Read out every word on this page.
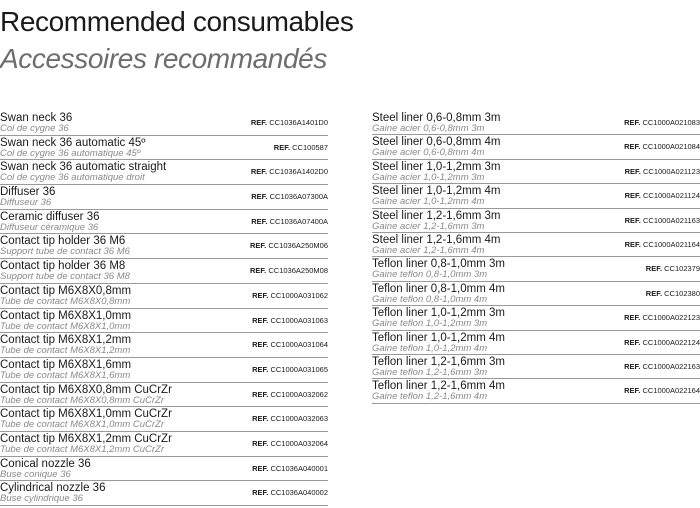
Recommended consumables
Accessoires recommandés
Swan neck 36
Col de cygne 36
REF. CC1036A1401D0
Swan neck 36 automatic 45º
Col de cygne 36 automatique 45º
REF. CC100587
Swan neck 36 automatic straight
Col de cygne 36 automatique droit
REF. CC1036A1402D0
Diffuser 36
Diffuseur 36
REF. CC1036A07300A
Ceramic diffuser 36
Diffuseur céramique 36
REF. CC1036A07400A
Contact tip holder 36 M6
Support tube de contact 36 M6
REF. CC1036A250M06
Contact tip holder 36 M8
Support tube de contact 36 M8
REF. CC1036A250M08
Contact tip M6X8X0,8mm
Tube de contact M6X8X0,8mm
REF. CC1000A031062
Contact tip M6X8X1,0mm
Tube de contact M6X8X1,0mm
REF. CC1000A031063
Contact tip M6X8X1,2mm
Tube de contact M6X8X1,2mm
REF. CC1000A031064
Contact tip M6X8X1,6mm
Tube de contact M6X8X1,6mm
REF. CC1000A031065
Contact tip M6X8X0,8mm CuCrZr
Tube de contact M6X8X0,8mm CuCrZr
REF. CC1000A032062
Contact tip M6X8X1,0mm CuCrZr
Tube de contact M6X8X1,0mm CuCrZr
REF. CC1000A032063
Contact tip M6X8X1,2mm CuCrZr
Tube de contact M6X8X1,2mm CuCrZr
REF. CC1000A032064
Conical nozzle 36
Buse conique 36
REF. CC1036A040001
Cylindrical nozzle 36
Buse cylindrique 36
REF. CC1036A040002
Steel liner 0,6-0,8mm 3m
Gaine acier 0,6-0,8mm 3m
REF. CC1000A021083
Steel liner 0,6-0,8mm 4m
Gaine acier 0,6-0,8mm 4m
REF. CC1000A021084
Steel liner 1,0-1,2mm 3m
Gaine acier 1,0-1,2mm 3m
REF. CC1000A021123
Steel liner 1,0-1,2mm 4m
Gaine acier 1,0-1,2mm 4m
REF. CC1000A021124
Steel liner 1,2-1,6mm 3m
Gaine acier 1,2-1,6mm 3m
REF. CC1000A021163
Steel liner 1,2-1,6mm 4m
Gaine acier 1,2-1,6mm 4m
REF. CC1000A021164
Teflon liner 0,8-1,0mm 3m
Gaine teflon 0,8-1,0mm 3m
REF. CC102379
Teflon liner 0,8-1,0mm 4m
Gaine teflon 0,8-1,0mm 4m
REF. CC102380
Teflon liner 1,0-1,2mm 3m
Gaine teflon 1,0-1,2mm 3m
REF. CC1000A022123
Teflon liner 1,0-1,2mm 4m
Gaine teflon 1,0-1,2mm 4m
REF. CC1000A022124
Teflon liner 1,2-1,6mm 3m
Gaine teflon 1,2-1,6mm 3m
REF. CC1000A022163
Teflon liner 1,2-1,6mm 4m
Gaine teflon 1,2-1,6mm 4m
REF. CC1000A022164
